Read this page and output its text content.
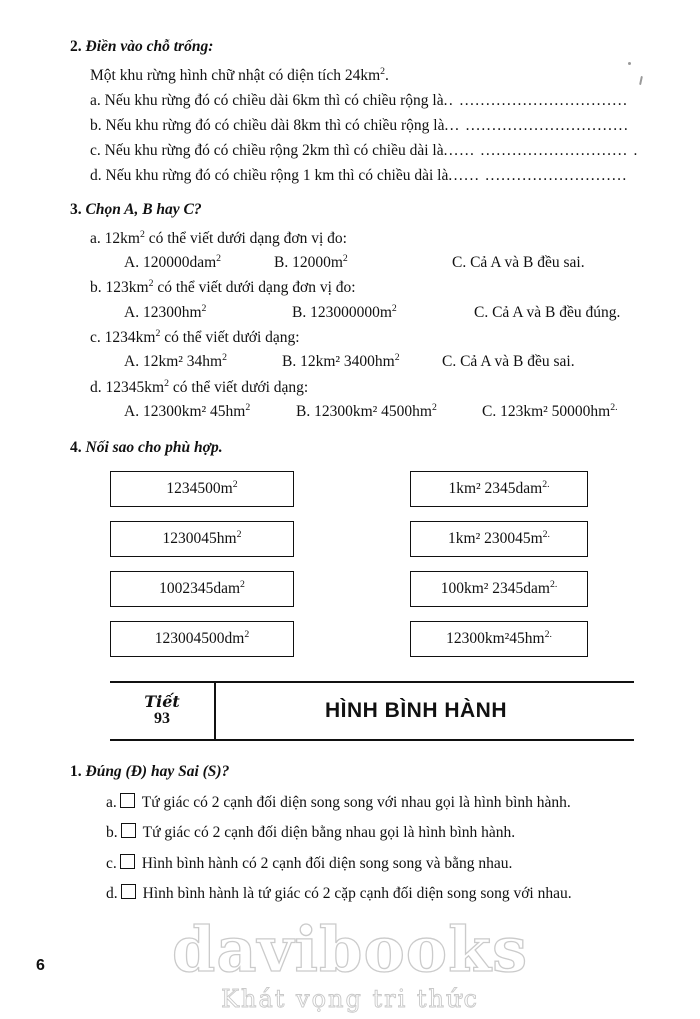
2. Điền vào chỗ trống:
Một khu rừng hình chữ nhật có diện tích $24km^2$.
a. Nếu khu rừng đó có chiều dài 6km thì có chiều rộng là.. ................................
b. Nếu khu rừng đó có chiều dài 8km thì có chiều rộng là... ...............................
c. Nếu khu rừng đó có chiều rộng 2km thì có chiều dài là...... ............................ .
d. Nếu khu rừng đó có chiều rộng 1 km thì có chiều dài là...... ...........................
3. Chọn A, B hay C?
a. $12km^2$ có thể viết dưới dạng đơn vị đo:
A. 120000dam$^2$	B. $12000m^2$	C. Cả A và B đều sai.
b. $123km^2$ có thể viết dưới dạng đơn vị đo:
A. $12300hm^2$	B. $123000000m^2$	C. Cả A và B đều đúng.
c. $1234km^2$ có thể viết dưới dạng:
A. 12km² $34hm^2$	B. 12km² $3400hm^2$	C. Cả A và B đều sai.
d. $12345km^2$ có thể viết dưới dạng:
A. 12300km² $45hm^2$	B. 12300km² $4500hm^2$	C. 123km² $50000hm^{2.}$
4. Nối sao cho phù hợp.
$1234500m^2$
$1230045hm^2$
1002345dam$^2$
$123004500dm^2$
1km² 2345dam$^{2.}$
1km² $230045m^{2.}$
100km² 2345dam$^{2.}$
$12300km^245hm^{2.}$
Tiết
93	HÌNH BÌNH HÀNH
1. Đúng (Đ) hay Sai (S)?
a. Tứ giác có 2 cạnh đối diện song song với nhau gọi là hình bình hành.
b. Tứ giác có 2 cạnh đối diện bằng nhau gọi là hình bình hành.
c. Hình bình hành có 2 cạnh đối diện song song và bằng nhau.
d. Hình bình hành là tứ giác có 2 cặp cạnh đối diện song song với nhau.
6	davibooks
Khát vọng tri thức
